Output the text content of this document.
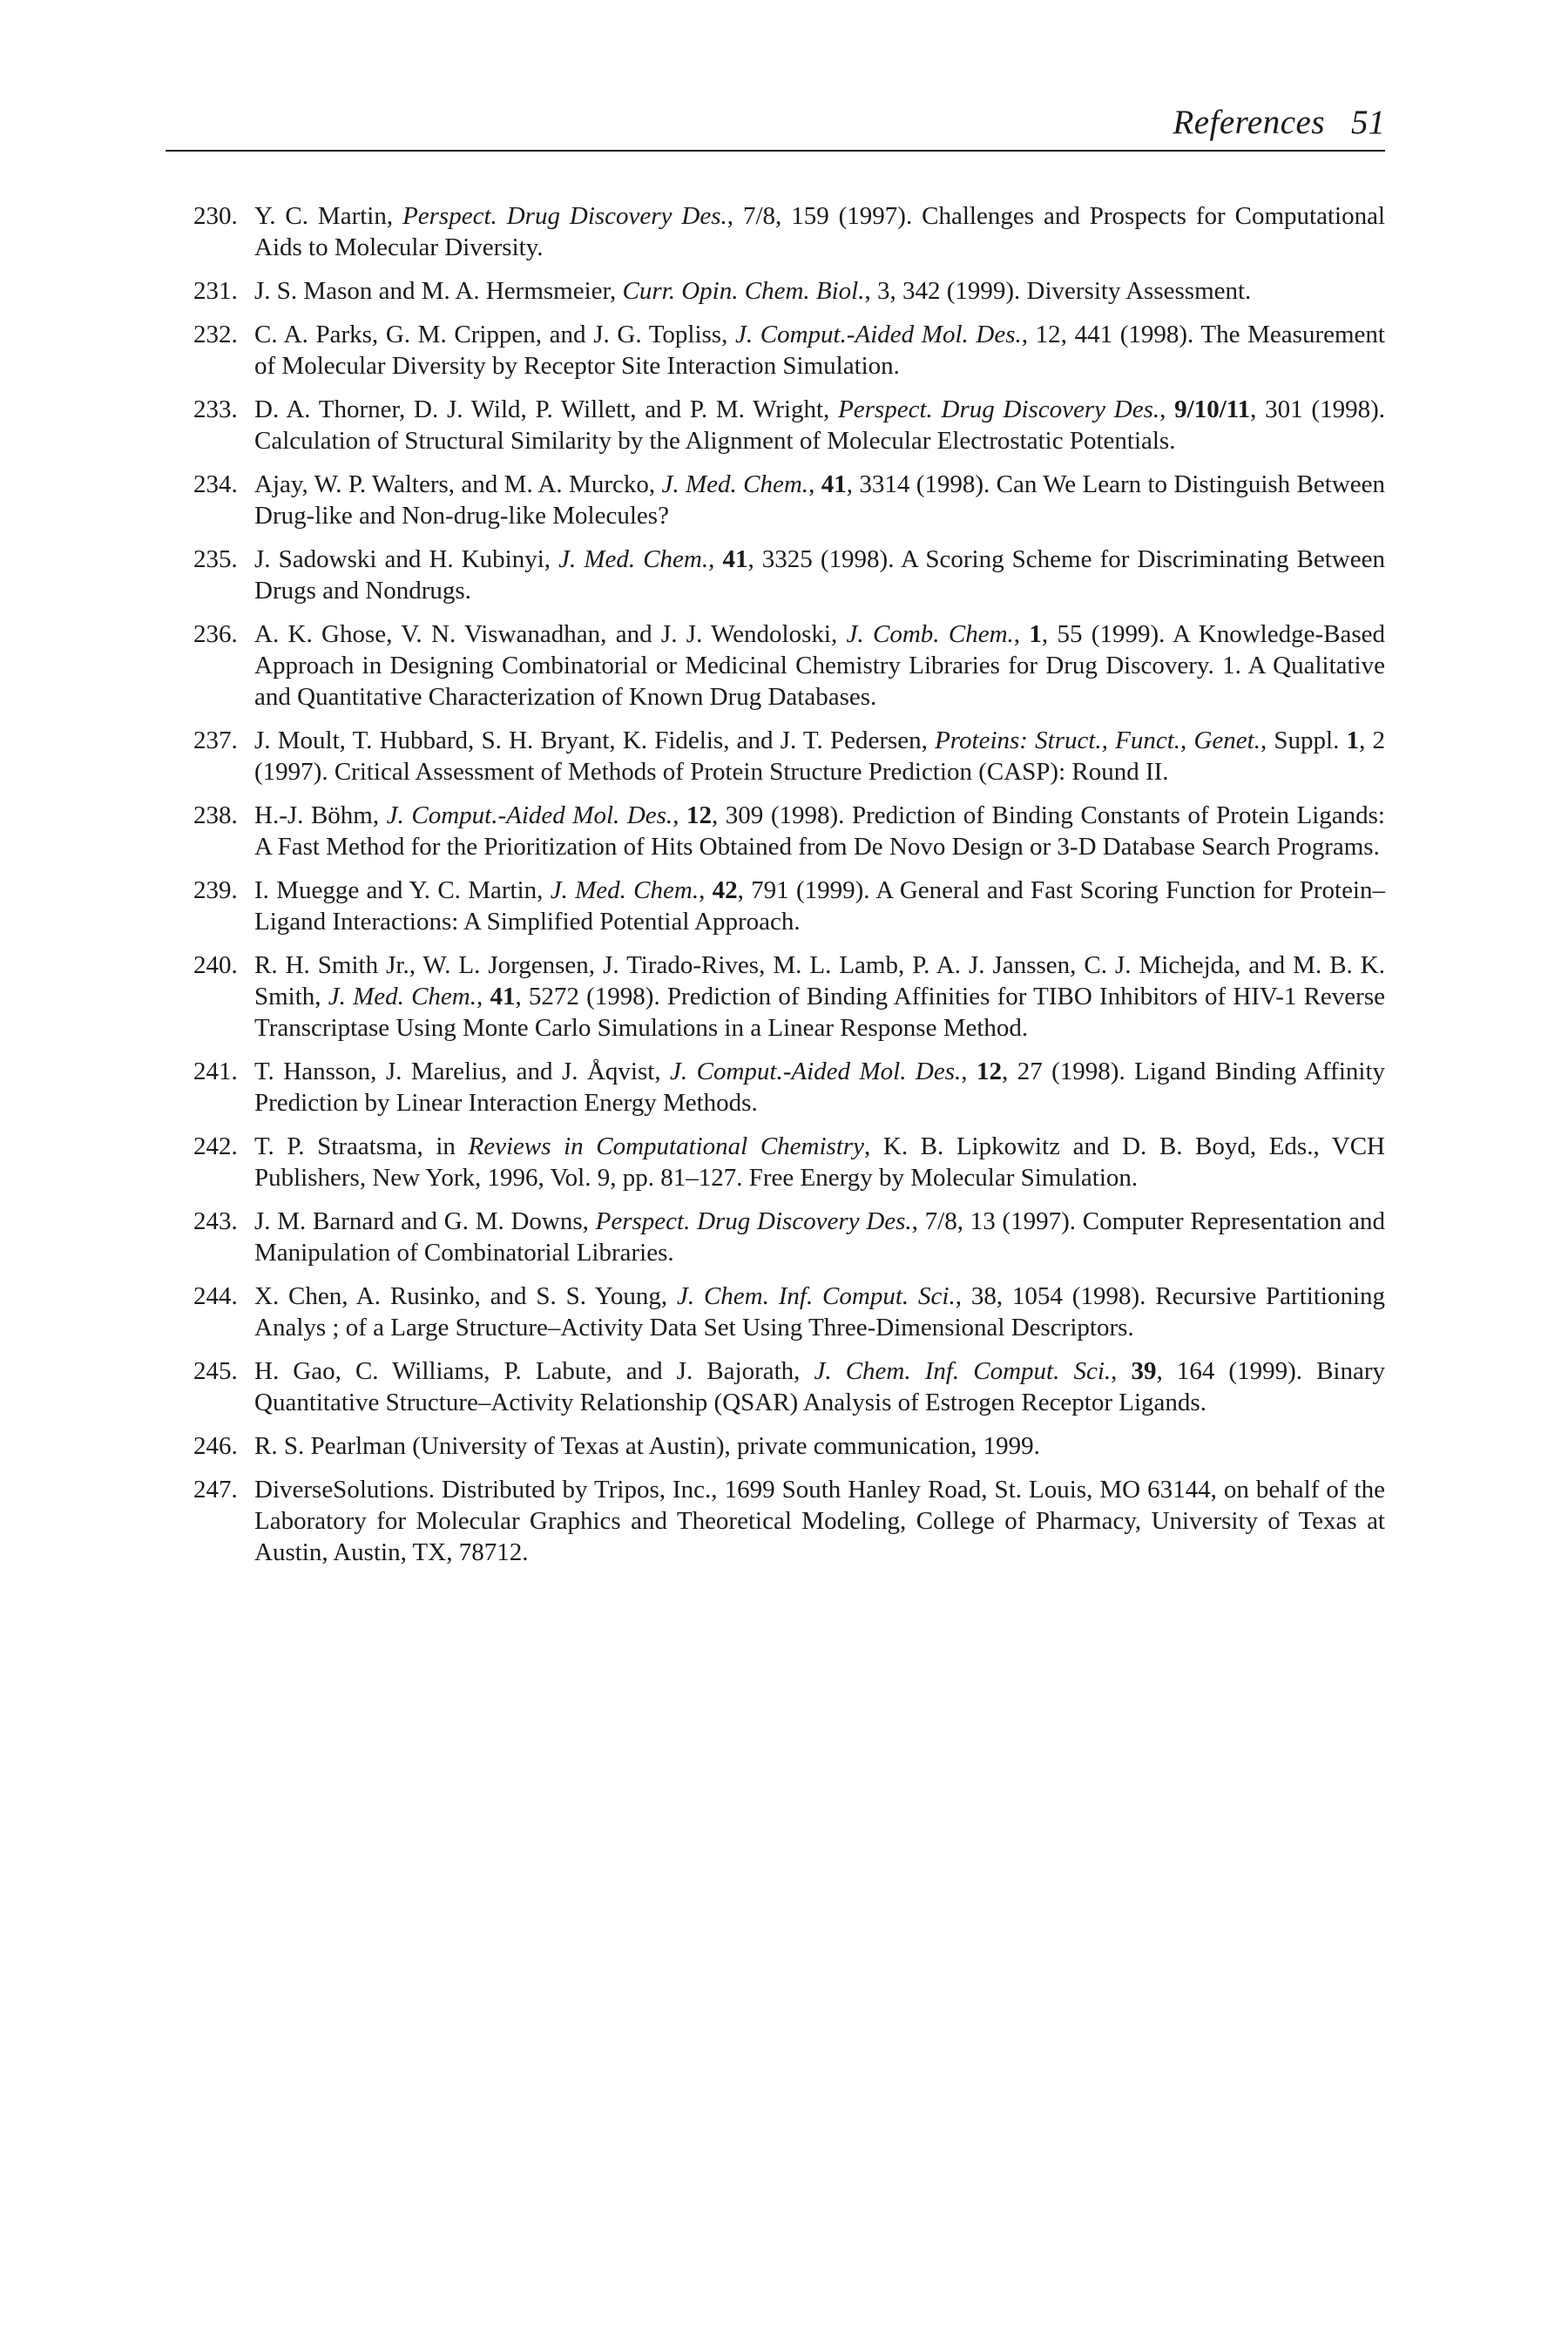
References 51
230. Y. C. Martin, Perspect. Drug Discovery Des., 7/8, 159 (1997). Challenges and Prospects for Computational Aids to Molecular Diversity.
231. J. S. Mason and M. A. Hermsmeier, Curr. Opin. Chem. Biol., 3, 342 (1999). Diversity Assessment.
232. C. A. Parks, G. M. Crippen, and J. G. Topliss, J. Comput.-Aided Mol. Des., 12, 441 (1998). The Measurement of Molecular Diversity by Receptor Site Interaction Simulation.
233. D. A. Thorner, D. J. Wild, P. Willett, and P. M. Wright, Perspect. Drug Discovery Des., 9/10/11, 301 (1998). Calculation of Structural Similarity by the Alignment of Molecular Electrostatic Potentials.
234. Ajay, W. P. Walters, and M. A. Murcko, J. Med. Chem., 41, 3314 (1998). Can We Learn to Distinguish Between Drug-like and Non-drug-like Molecules?
235. J. Sadowski and H. Kubinyi, J. Med. Chem., 41, 3325 (1998). A Scoring Scheme for Discriminating Between Drugs and Nondrugs.
236. A. K. Ghose, V. N. Viswanadhan, and J. J. Wendoloski, J. Comb. Chem., 1, 55 (1999). A Knowledge-Based Approach in Designing Combinatorial or Medicinal Chemistry Libraries for Drug Discovery. 1. A Qualitative and Quantitative Characterization of Known Drug Databases.
237. J. Moult, T. Hubbard, S. H. Bryant, K. Fidelis, and J. T. Pedersen, Proteins: Struct., Funct., Genet., Suppl. 1, 2 (1997). Critical Assessment of Methods of Protein Structure Prediction (CASP): Round II.
238. H.-J. Böhm, J. Comput.-Aided Mol. Des., 12, 309 (1998). Prediction of Binding Constants of Protein Ligands: A Fast Method for the Prioritization of Hits Obtained from De Novo Design or 3-D Database Search Programs.
239. I. Muegge and Y. C. Martin, J. Med. Chem., 42, 791 (1999). A General and Fast Scoring Function for Protein–Ligand Interactions: A Simplified Potential Approach.
240. R. H. Smith Jr., W. L. Jorgensen, J. Tirado-Rives, M. L. Lamb, P. A. J. Janssen, C. J. Michejda, and M. B. K. Smith, J. Med. Chem., 41, 5272 (1998). Prediction of Binding Affinities for TIBO Inhibitors of HIV-1 Reverse Transcriptase Using Monte Carlo Simulations in a Linear Response Method.
241. T. Hansson, J. Marelius, and J. Åqvist, J. Comput.-Aided Mol. Des., 12, 27 (1998). Ligand Binding Affinity Prediction by Linear Interaction Energy Methods.
242. T. P. Straatsma, in Reviews in Computational Chemistry, K. B. Lipkowitz and D. B. Boyd, Eds., VCH Publishers, New York, 1996, Vol. 9, pp. 81–127. Free Energy by Molecular Simulation.
243. J. M. Barnard and G. M. Downs, Perspect. Drug Discovery Des., 7/8, 13 (1997). Computer Representation and Manipulation of Combinatorial Libraries.
244. X. Chen, A. Rusinko, and S. S. Young, J. Chem. Inf. Comput. Sci., 38, 1054 (1998). Recursive Partitioning Analys ; of a Large Structure–Activity Data Set Using Three-Dimensional Descriptors.
245. H. Gao, C. Williams, P. Labute, and J. Bajorath, J. Chem. Inf. Comput. Sci., 39, 164 (1999). Binary Quantitative Structure–Activity Relationship (QSAR) Analysis of Estrogen Receptor Ligands.
246. R. S. Pearlman (University of Texas at Austin), private communication, 1999.
247. DiverseSolutions. Distributed by Tripos, Inc., 1699 South Hanley Road, St. Louis, MO 63144, on behalf of the Laboratory for Molecular Graphics and Theoretical Modeling, College of Pharmacy, University of Texas at Austin, Austin, TX, 78712.
